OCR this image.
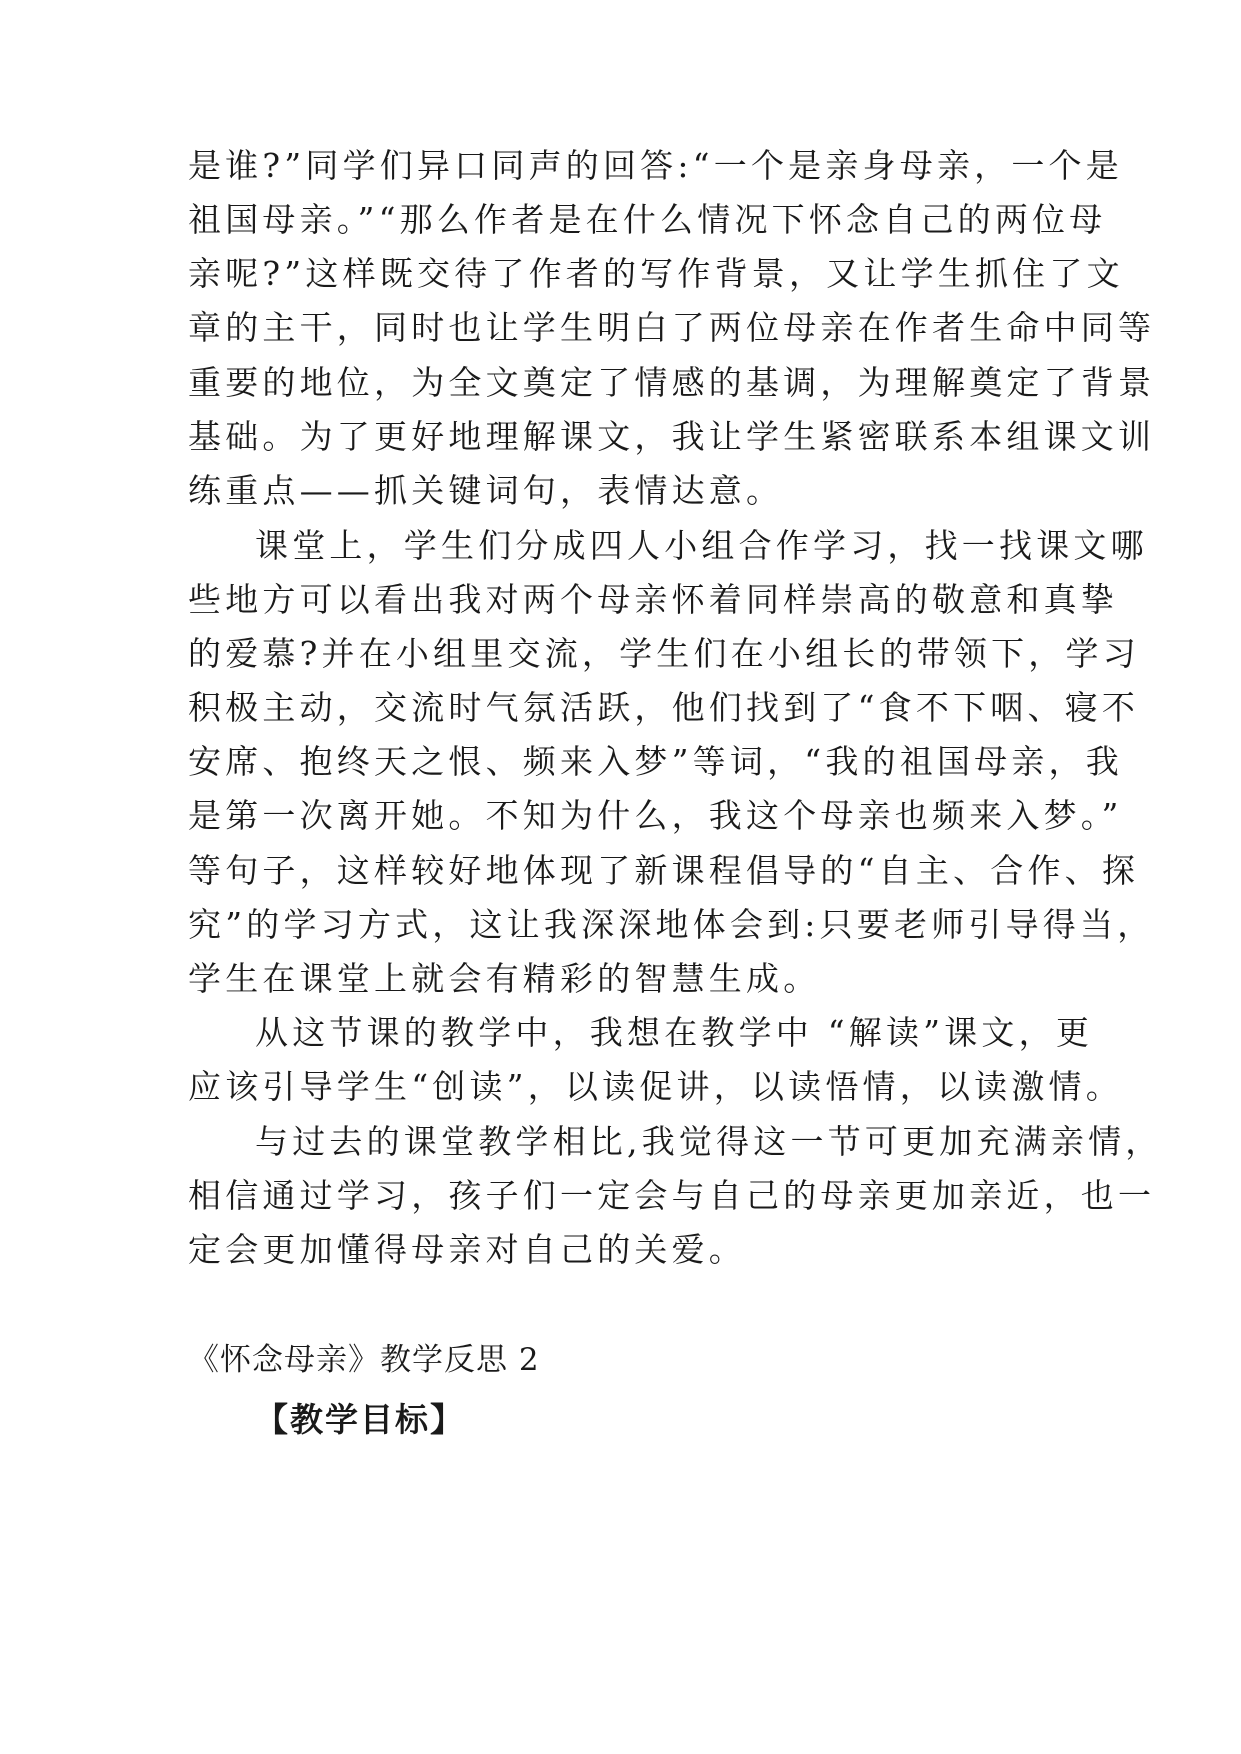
是谁?”同学们异口同声的回答:“一个是亲身母亲，一个是
祖国母亲。”“那么作者是在什么情况下怀念自己的两位母
亲呢?”这样既交待了作者的写作背景，又让学生抓住了文
章的主干，同时也让学生明白了两位母亲在作者生命中同等
重要的地位，为全文奠定了情感的基调，为理解奠定了背景
基础。为了更好地理解课文，我让学生紧密联系本组课文训
练重点——抓关键词句，表情达意。
课堂上，学生们分成四人小组合作学习，找一找课文哪
些地方可以看出我对两个母亲怀着同样崇高的敬意和真挚
的爱慕?并在小组里交流，学生们在小组长的带领下，学习
积极主动，交流时气氛活跃，他们找到了“食不下咽、寝不
安席、抱终天之恨、频来入梦”等词，“我的祖国母亲，我
是第一次离开她。不知为什么，我这个母亲也频来入梦。”
等句子，这样较好地体现了新课程倡导的“自主、合作、探
究”的学习方式，这让我深深地体会到:只要老师引导得当，
学生在课堂上就会有精彩的智慧生成。
从这节课的教学中，我想在教学中 “解读”课文，更
应该引导学生“创读”，以读促讲，以读悟情，以读激情。
与过去的课堂教学相比,我觉得这一节可更加充满亲情，
相信通过学习，孩子们一定会与自己的母亲更加亲近，也一
定会更加懂得母亲对自己的关爱。
《怀念母亲》教学反思 2
【教学目标】
